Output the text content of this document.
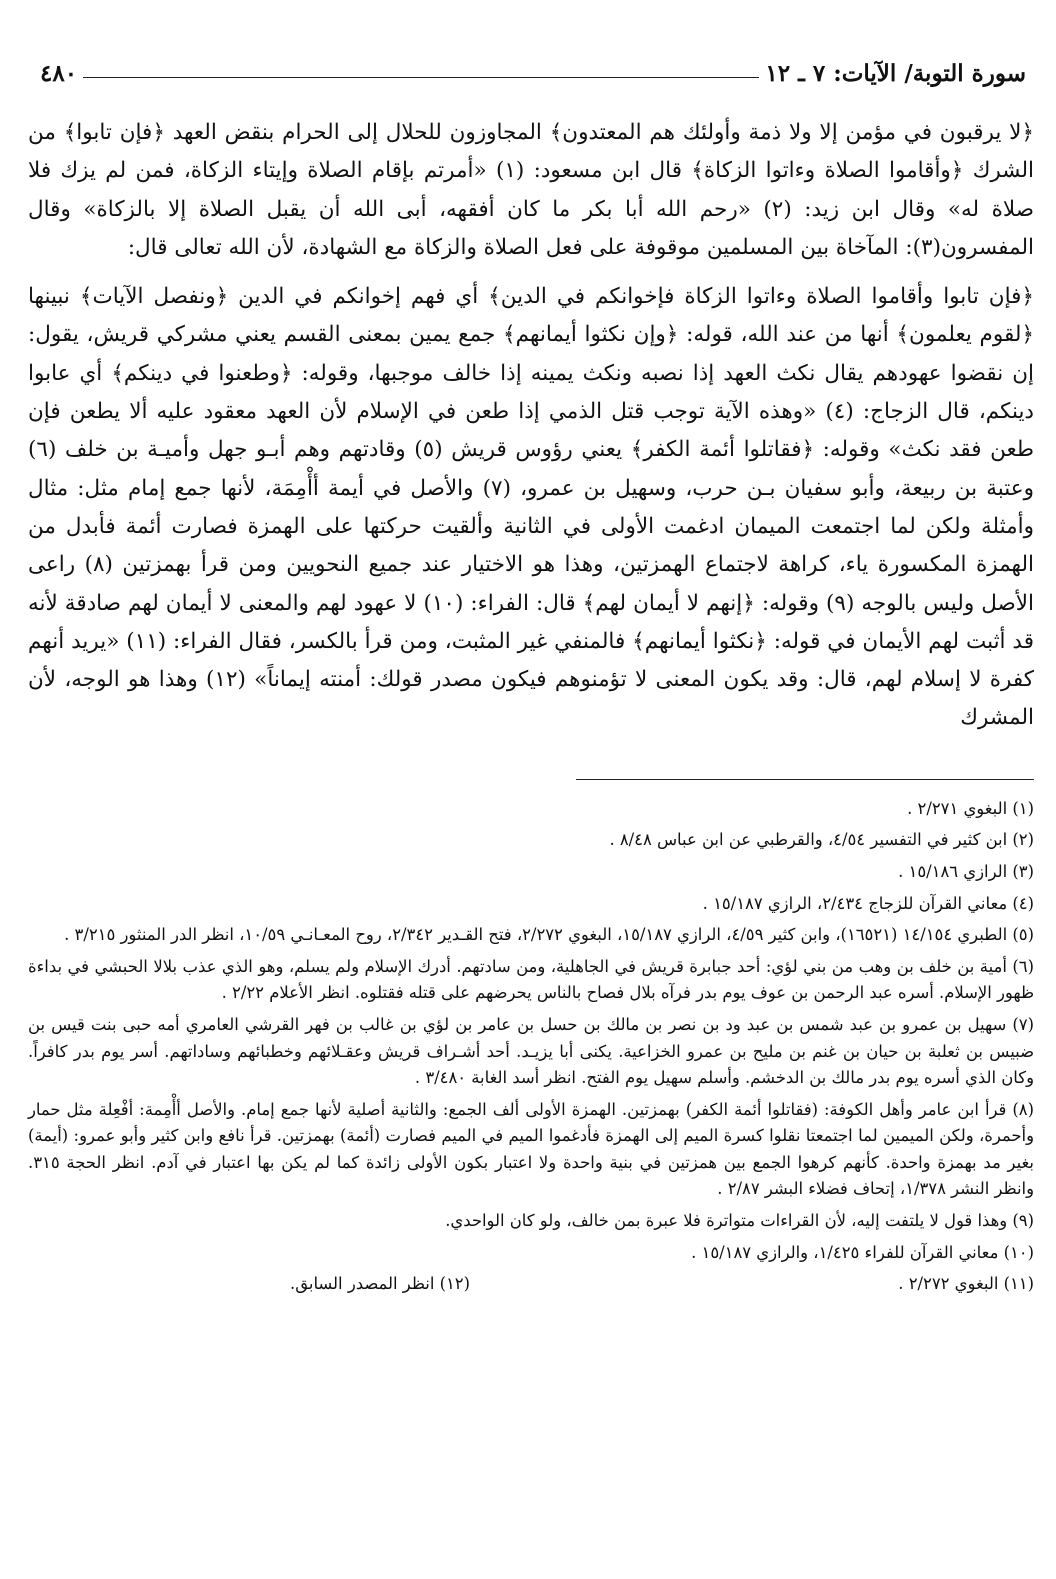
سورة التوبة/ الآيات: ٧ ـ ١٢
٤٨٠

﴿لا يرقبون في مؤمن إلا ولا ذمة وأولئك هم المعتدون﴾ المجاوزون للحلال إلى الحرام بنقض العهد ﴿فإن تابوا﴾ من الشرك ﴿وأقاموا الصلاة وءاتوا الزكاة﴾ قال ابن مسعود: (١) «أمرتم بإقام الصلاة وإيتاء الزكاة، فمن لم يزك فلا صلاة له» وقال ابن زيد: (٢) «رحم الله أبا بكر ما كان أفقهه، أبى الله أن يقبل الصلاة إلا بالزكاة» وقال المفسرون(٣): المآخاة بين المسلمين موقوفة على فعل الصلاة والزكاة مع الشهادة، لأن الله تعالى قال:

﴿فإن تابوا وأقاموا الصلاة وءاتوا الزكاة فإخوانكم في الدين﴾ أي فهم إخوانكم في الدين ﴿ونفصل الآيات﴾ نبينها ﴿لقوم يعلمون﴾ أنها من عند الله، قوله: ﴿وإن نكثوا أيمانهم﴾ جمع يمين بمعنى القسم يعني مشركي قريش، يقول: إن نقضوا عهودهم يقال نكث العهد إذا نصبه ونكث يمينه إذا خالف موجبها، وقوله: ﴿وطعنوا في دينكم﴾ أي عابوا دينكم، قال الزجاج: (٤) «وهذه الآية توجب قتل الذمي إذا طعن في الإسلام لأن العهد معقود عليه ألا يطعن فإن طعن فقد نكث» وقوله: ﴿فقاتلوا أئمة الكفر﴾ يعني رؤوس قريش (٥) وقادتهم وهم أبـو جهل وأميـة بن خلف (٦) وعتبة بن ربيعة، وأبو سفيان بـن حرب، وسهيل بن عمرو، (٧) والأصل في أيمة أأْمِمَة، لأنها جمع إمام مثل: مثال وأمثلة ولكن لما اجتمعت الميمان ادغمت الأولى في الثانية وألقيت حركتها على الهمزة فصارت أئمة فأبدل من الهمزة المكسورة ياء، كراهة لاجتماع الهمزتين، وهذا هو الاختيار عند جميع النحويين ومن قرأ بهمزتين (٨) راعى الأصل وليس بالوجه (٩) وقوله: ﴿إنهم لا أيمان لهم﴾ قال: الفراء: (١٠) لا عهود لهم والمعنى لا أيمان لهم صادقة لأنه قد أثبت لهم الأيمان في قوله: ﴿نكثوا أيمانهم﴾ فالمنفي غير المثبت، ومن قرأ بالكسر، فقال الفراء: (١١) «يريد أنهم كفرة لا إسلام لهم، قال: وقد يكون المعنى لا تؤمنوهم فيكون مصدر قولك: أمنته إيماناً» (١٢) وهذا هو الوجه، لأن المشرك

(١) البغوي ٢/٢٧١ .

(٢) ابن كثير في التفسير ٤/٥٤، والقرطبي عن ابن عباس ٨/٤٨ .

(٣) الرازي ١٥/١٨٦ .

(٤) معاني القرآن للزجاج ٢/٤٣٤، الرازي ١٥/١٨٧ .

(٥) الطبري ١٤/١٥٤ (١٦٥٢١)، وابن كثير ٤/٥٩، الرازي ١٥/١٨٧، البغوي ٢/٢٧٢، فتح القـدير ٢/٣٤٢، روح المعـانـي ١٠/٥٩، انظر الدر المنثور ٣/٢١٥ .

(٦) أمية بن خلف بن وهب من بني لؤي: أحد جبابرة قريش في الجاهلية، ومن سادتهم. أدرك الإسلام ولم يسلم، وهو الذي عذب بلالا الحبشي في بداءة ظهور الإسلام. أسره عبد الرحمن بن عوف يوم بدر فرآه بلال فصاح بالناس يحرضهم على قتله فقتلوه. انظر الأعلام ٢/٢٢ .

(٧) سهيل بن عمرو بن عبد شمس بن عبد ود بن نصر بن مالك بن حسل بن عامر بن لؤي بن غالب بن فهر القرشي العامري أمه حبى بنت قيس بن ضبيس بن ثعلبة بن حيان بن غنم بن مليح بن عمرو الخزاعية. يكنى أبا يزيـد. أحد أشـراف قريش وعقـلائهم وخطبائهم وساداتهم. أسر يوم بدر كافراً. وكان الذي أسره يوم بدر مالك بن الدخشم. وأسلم سهيل يوم الفتح. انظر أسد الغابة ٣/٤٨٠ .

(٨) قرأ ابن عامر وأهل الكوفة: (فقاتلوا أئمة الكفر) بهمزتين. الهمزة الأولى ألف الجمع: والثانية أصلية لأنها جمع إمام. والأصل أأْمِمة: أفْعِلة مثل حمار وأحمرة، ولكن الميمين لما اجتمعتا نقلوا كسرة الميم إلى الهمزة فأدغموا الميم في الميم فصارت (أئمة) بهمزتين. قرأ نافع وابن كثير وأبو عمرو: (أيمة) بغير مد بهمزة واحدة. كأنهم كرهوا الجمع بين همزتين في بنية واحدة ولا اعتبار بكون الأولى زائدة كما لم يكن بها اعتبار في آدم. انظر الحجة ٣١٥. وانظر النشر ١/٣٧٨، إتحاف فضلاء البشر ٢/٨٧ .

(٩) وهذا قول لا يلتفت إليه، لأن القراءات متواترة فلا عبرة بمن خالف، ولو كان الواحدي.

(١٠) معاني القرآن للفراء ١/٤٢٥، والرازي ١٥/١٨٧ .

(١١) البغوي ٢/٢٧٢ .
(١٢) انظر المصدر السابق.
